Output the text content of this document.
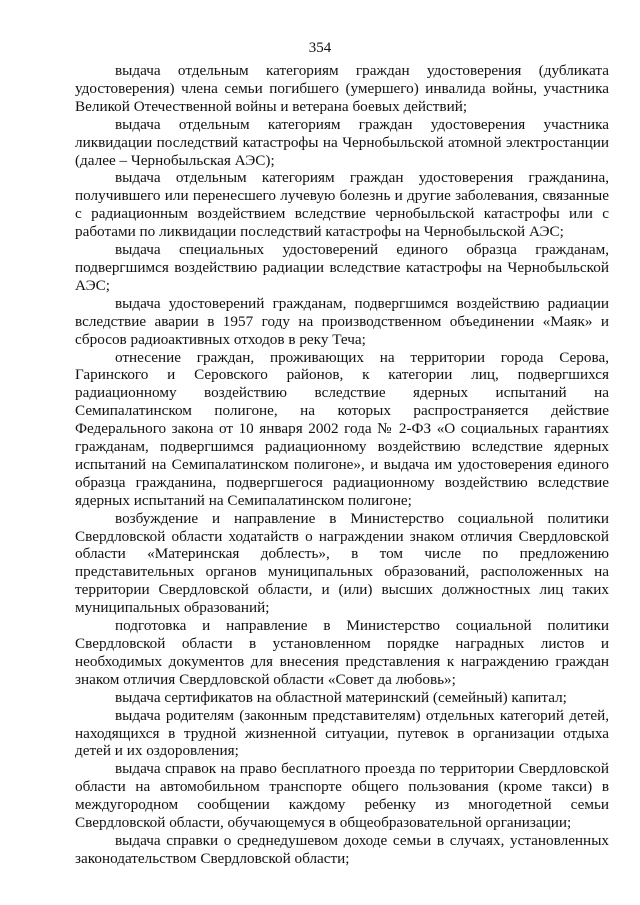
354

выдача отдельным категориям граждан удостоверения (дубликата удостоверения) члена семьи погибшего (умершего) инвалида войны, участника Великой Отечественной войны и ветерана боевых действий;

выдача отдельным категориям граждан удостоверения участника ликвидации последствий катастрофы на Чернобыльской атомной электростанции (далее – Чернобыльская АЭС);

выдача отдельным категориям граждан удостоверения гражданина, получившего или перенесшего лучевую болезнь и другие заболевания, связанные с радиационным воздействием вследствие чернобыльской катастрофы или с работами по ликвидации последствий катастрофы на Чернобыльской АЭС;

выдача специальных удостоверений единого образца гражданам, подвергшимся воздействию радиации вследствие катастрофы на Чернобыльской АЭС;

выдача удостоверений гражданам, подвергшимся воздействию радиации вследствие аварии в 1957 году на производственном объединении «Маяк» и сбросов радиоактивных отходов в реку Теча;

отнесение граждан, проживающих на территории города Серова, Гаринского и Серовского районов, к категории лиц, подвергшихся радиационному воздействию вследствие ядерных испытаний на Семипалатинском полигоне, на которых распространяется действие Федерального закона от 10 января 2002 года № 2-ФЗ «О социальных гарантиях гражданам, подвергшимся радиационному воздействию вследствие ядерных испытаний на Семипалатинском полигоне», и выдача им удостоверения единого образца гражданина, подвергшегося радиационному воздействию вследствие ядерных испытаний на Семипалатинском полигоне;

возбуждение и направление в Министерство социальной политики Свердловской области ходатайств о награждении знаком отличия Свердловской области «Материнская доблесть», в том числе по предложению представительных органов муниципальных образований, расположенных на территории Свердловской области, и (или) высших должностных лиц таких муниципальных образований;

подготовка и направление в Министерство социальной политики Свердловской области в установленном порядке наградных листов и необходимых документов для внесения представления к награждению граждан знаком отличия Свердловской области «Совет да любовь»;

выдача сертификатов на областной материнский (семейный) капитал;

выдача родителям (законным представителям) отдельных категорий детей, находящихся в трудной жизненной ситуации, путевок в организации отдыха детей и их оздоровления;

выдача справок на право бесплатного проезда по территории Свердловской области на автомобильном транспорте общего пользования (кроме такси) в междугородном сообщении каждому ребенку из многодетной семьи Свердловской области, обучающемуся в общеобразовательной организации;

выдача справки о среднедушевом доходе семьи в случаях, установленных законодательством Свердловской области;
